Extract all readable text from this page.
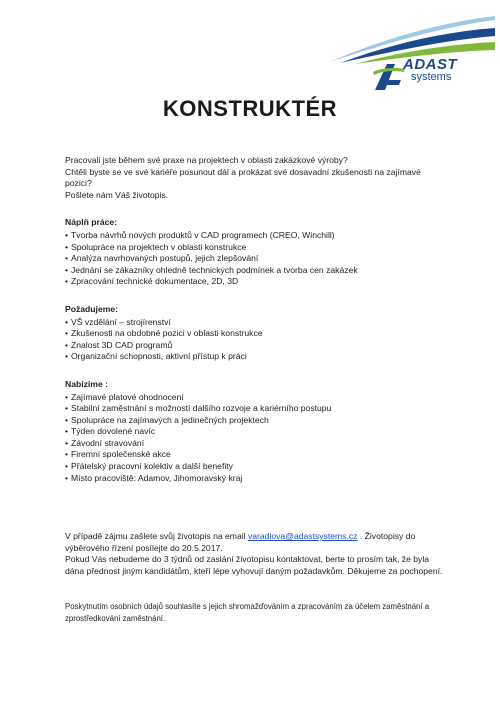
ADAST
systems
KONSTRUKTÉR

Pracovali jste během své praxe na projektech v oblasti zakázkové výroby?

Chtěli byste se ve své kariéře posunout dál a prokázat své dosavadní zkušenosti na zajímavé pozici?

Pošlete nám Váš životopis.

Náplň práce:
• Tvorba návrhů nových produktů v CAD programech (CREO, Winchill)
• Spolupráce na projektech v oblasti konstrukce
• Analýza navrhovaných postupů, jejich zlepšování
• Jednání se zákazníky ohledně technických podmínek a tvorba cen zakázek
• Zpracování technické dokumentace, 2D, 3D
Požadujeme:
• VŠ vzdělání – strojírenství
• Zkušenosti na obdobné pozici v oblasti konstrukce
• Znalost 3D CAD programů
• Organizační schopnosti, aktivní přístup k práci
Nabízíme :
• Zajímavé platové ohodnocení
• Stabilní zaměstnání s možností dalšího rozvoje a kariérního postupu
• Spolupráce na zajímavých a jedinečných projektech
• Týden dovolené navíc
• Závodní stravování
• Firemní společenské akce
• Přátelský pracovní kolektiv a další benefity
• Místo pracoviště: Adamov, Jihomoravský kraj

V případě zájmu zašlete svůj životopis na email varadiova@adastsystems.cz . Životopisy do výběrového řízení posílejte do 20.5.2017.

Pokud Vás nebudeme do 3 týdnů od zaslání životopisu kontaktovat, berte to prosím tak, že byla dána přednost jiným kandidátům, kteří lépe vyhovují daným požadavkům. Děkujeme za pochopení.

Poskytnutím osobních údajů souhlasíte s jejich shromažďováním a zpracováním za účelem zaměstnání a zprostředkování zaměstnání.
